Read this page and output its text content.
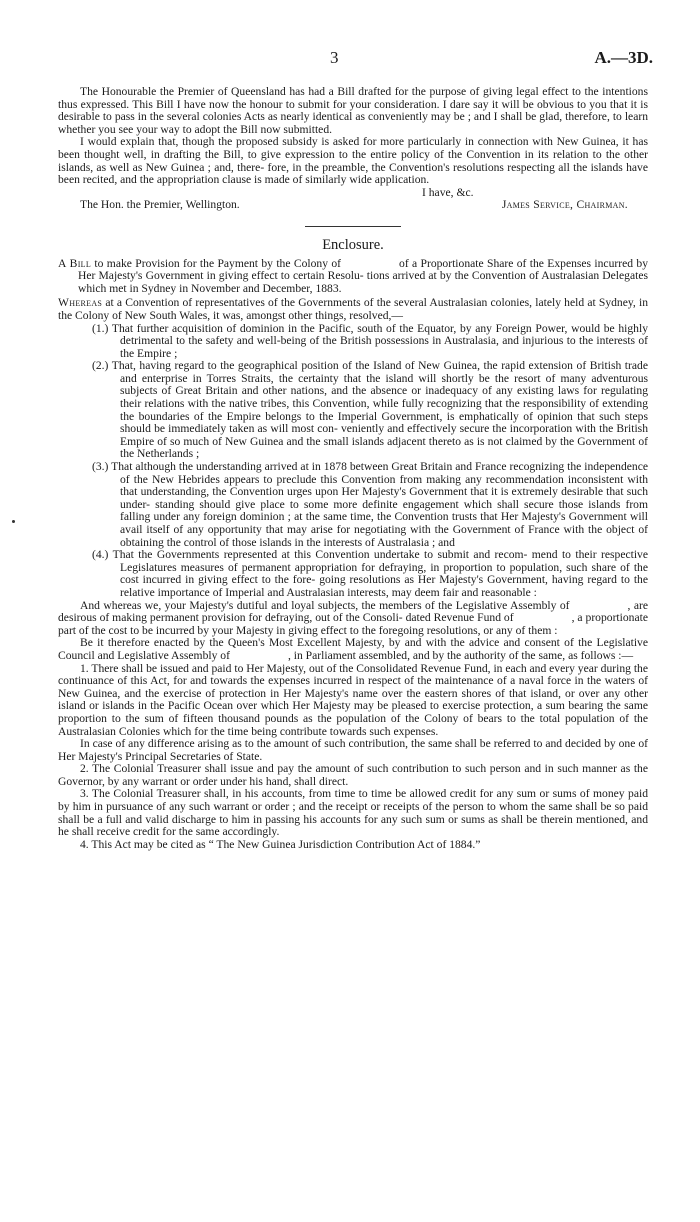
3	A.—3D.

The Honourable the Premier of Queensland has had a Bill drafted for the purpose of giving legal effect to the intentions thus expressed. This Bill I have now the honour to submit for your consideration. I dare say it will be obvious to you that it is desirable to pass in the several colonies Acts as nearly identical as conveniently may be ; and I shall be glad, therefore, to learn whether you see your way to adopt the Bill now submitted.

I would explain that, though the proposed subsidy is asked for more particularly in connection with New Guinea, it has been thought well, in drafting the Bill, to give expression to the entire policy of the Convention in its relation to the other islands, as well as New Guinea ; and, there- fore, in the preamble, the Convention's resolutions respecting all the islands have been recited, and the appropriation clause is made of similarly wide application.

I have, &c.

The Hon. the Premier, Wellington.	James Service, Chairman.
Enclosure.

A Bill to make Provision for the Payment by the Colony of	of a Proportionate Share of the Expenses incurred by Her Majesty's Government in giving effect to certain Resolu- tions arrived at by the Convention of Australasian Delegates which met in Sydney in November and December, 1883.

Whereas at a Convention of representatives of the Governments of the several Australasian colonies, lately held at Sydney, in the Colony of New South Wales, it was, amongst other things, resolved,—

(1.) That further acquisition of dominion in the Pacific, south of the Equator, by any Foreign Power, would be highly detrimental to the safety and well-being of the British possessions in Australasia, and injurious to the interests of the Empire ;

(2.) That, having regard to the geographical position of the Island of New Guinea, the rapid extension of British trade and enterprise in Torres Straits, the certainty that the island will shortly be the resort of many adventurous subjects of Great Britain and other nations, and the absence or inadequacy of any existing laws for regulating their relations with the native tribes, this Convention, while fully recognizing that the responsibility of extending the boundaries of the Empire belongs to the Imperial Government, is emphatically of opinion that such steps should be immediately taken as will most con- veniently and effectively secure the incorporation with the British Empire of so much of New Guinea and the small islands adjacent thereto as is not claimed by the Government of the Netherlands ;

(3.) That although the understanding arrived at in 1878 between Great Britain and France recognizing the independence of the New Hebrides appears to preclude this Convention from making any recommendation inconsistent with that understanding, the Convention urges upon Her Majesty's Government that it is extremely desirable that such under- standing should give place to some more definite engagement which shall secure those islands from falling under any foreign dominion ; at the same time, the Convention trusts that Her Majesty's Government will avail itself of any opportunity that may arise for negotiating with the Government of France with the object of obtaining the control of those islands in the interests of Australasia ; and

(4.) That the Governments represented at this Convention undertake to submit and recom- mend to their respective Legislatures measures of permanent appropriation for defraying, in proportion to population, such share of the cost incurred in giving effect to the fore- going resolutions as Her Majesty's Government, having regard to the relative importance of Imperial and Australasian interests, may deem fair and reasonable :

And whereas we, your Majesty's dutiful and loyal subjects, the members of the Legislative Assembly of	, are desirous of making permanent provision for defraying, out of the Consoli- dated Revenue Fund of	, a proportionate part of the cost to be incurred by your Majesty in giving effect to the foregoing resolutions, or any of them :

Be it therefore enacted by the Queen's Most Excellent Majesty, by and with the advice and consent of the Legislative Council and Legislative Assembly of	, in Parliament assembled, and by the authority of the same, as follows :—

1. There shall be issued and paid to Her Majesty, out of the Consolidated Revenue Fund, in each and every year during the continuance of this Act, for and towards the expenses incurred in respect of the maintenance of a naval force in the waters of New Guinea, and the exercise of protection in Her Majesty's name over the eastern shores of that island, or over any other island or islands in the Pacific Ocean over which Her Majesty may be pleased to exercise protection, a sum bearing the same proportion to the sum of fifteen thousand pounds as the population of the Colony of bears to the total population of the Australasian Colonies which for the time being contribute towards such expenses.

In case of any difference arising as to the amount of such contribution, the same shall be referred to and decided by one of Her Majesty's Principal Secretaries of State.

2. The Colonial Treasurer shall issue and pay the amount of such contribution to such person and in such manner as the Governor, by any warrant or order under his hand, shall direct.

3. The Colonial Treasurer shall, in his accounts, from time to time be allowed credit for any sum or sums of money paid by him in pursuance of any such warrant or order ; and the receipt or receipts of the person to whom the same shall be so paid shall be a full and valid discharge to him in passing his accounts for any such sum or sums as shall be therein mentioned, and he shall receive credit for the same accordingly.

4. This Act may be cited as “ The New Guinea Jurisdiction Contribution Act of 1884.”
